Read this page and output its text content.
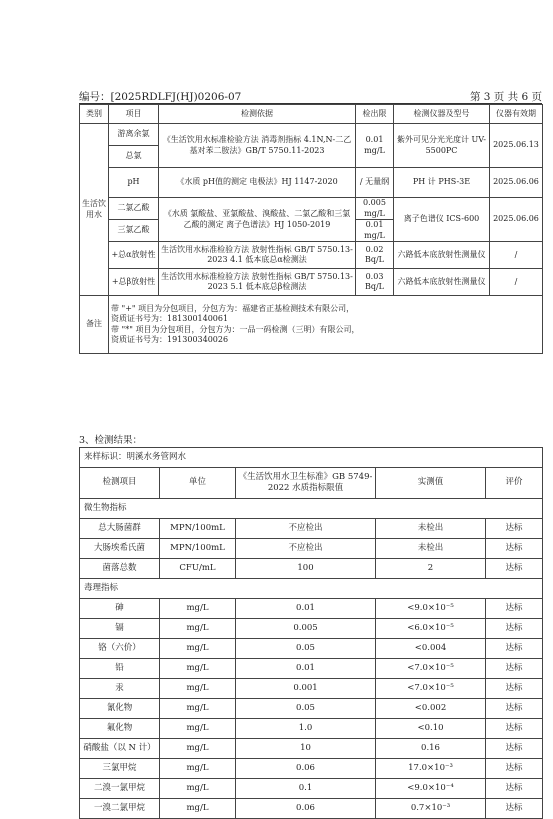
编号：[2025RDLFJ(HJ)0206-07	第 3 页 共 6 页
类别	项目	检测依据	检出限	检测仪器及型号	仪器有效期
生活饮用水	游离余氯	《生活饮用水标准检验方法 消毒剂指标 4.1N,N-二乙基对苯二胺法》GB/T 5750.11-2023	0.01 mg/L	紫外可见分光光度计 UV-5500PC	2025.06.13
	总氯				
	pH	《水质 pH值的测定 电极法》HJ 1147-2020	/ 无量纲	PH 计 PHS-3E	2025.06.06
	二氯乙酸	《水质 氯酸盐、亚氯酸盐、溴酸盐、二氯乙酸和三氯乙酸的测定 离子色谱法》HJ 1050-2019	0.005 mg/L	离子色谱仪 ICS-600	2025.06.06
	三氯乙酸		0.01 mg/L		
	+总α放射性	生活饮用水标准检验方法 放射性指标 GB/T 5750.13-2023 4.1 低本底总α检测法	0.02 Bq/L	六路低本底放射性测量仪	/
	+总β放射性	生活饮用水标准检验方法 放射性指标 GB/T 5750.13-2023 5.1 低本底总β检测法	0.03 Bq/L	六路低本底放射性测量仪	/
备注	带 "+" 项目为分包项目，分包方为：福建省正基检测技术有限公司，
资质证书号为：181300140061
带 "*" 项目为分包项目，分包方为：一品一码检测（三明）有限公司，
资质证书号为：191300340026				
3、检测结果：
来样标识：明溪水务管网水				
检测项目	单位	《生活饮用水卫生标准》GB 5749-2022 水质指标限值	实测值	评价
微生物指标				
总大肠菌群	MPN/100mL	不应检出	未检出	达标
大肠埃希氏菌	MPN/100mL	不应检出	未检出	达标
菌落总数	CFU/mL	100	2	达标
毒理指标				
砷	mg/L	0.01	<9.0×10⁻⁵	达标
镉	mg/L	0.005	<6.0×10⁻⁵	达标
铬（六价）	mg/L	0.05	<0.004	达标
铅	mg/L	0.01	<7.0×10⁻⁵	达标
汞	mg/L	0.001	<7.0×10⁻⁵	达标
氰化物	mg/L	0.05	<0.002	达标
氟化物	mg/L	1.0	<0.10	达标
硝酸盐（以 N 计）	mg/L	10	0.16	达标
三氯甲烷	mg/L	0.06	17.0×10⁻³	达标
二溴一氯甲烷	mg/L	0.1	<9.0×10⁻⁴	达标
一溴二氯甲烷	mg/L	0.06	0.7×10⁻³	达标
